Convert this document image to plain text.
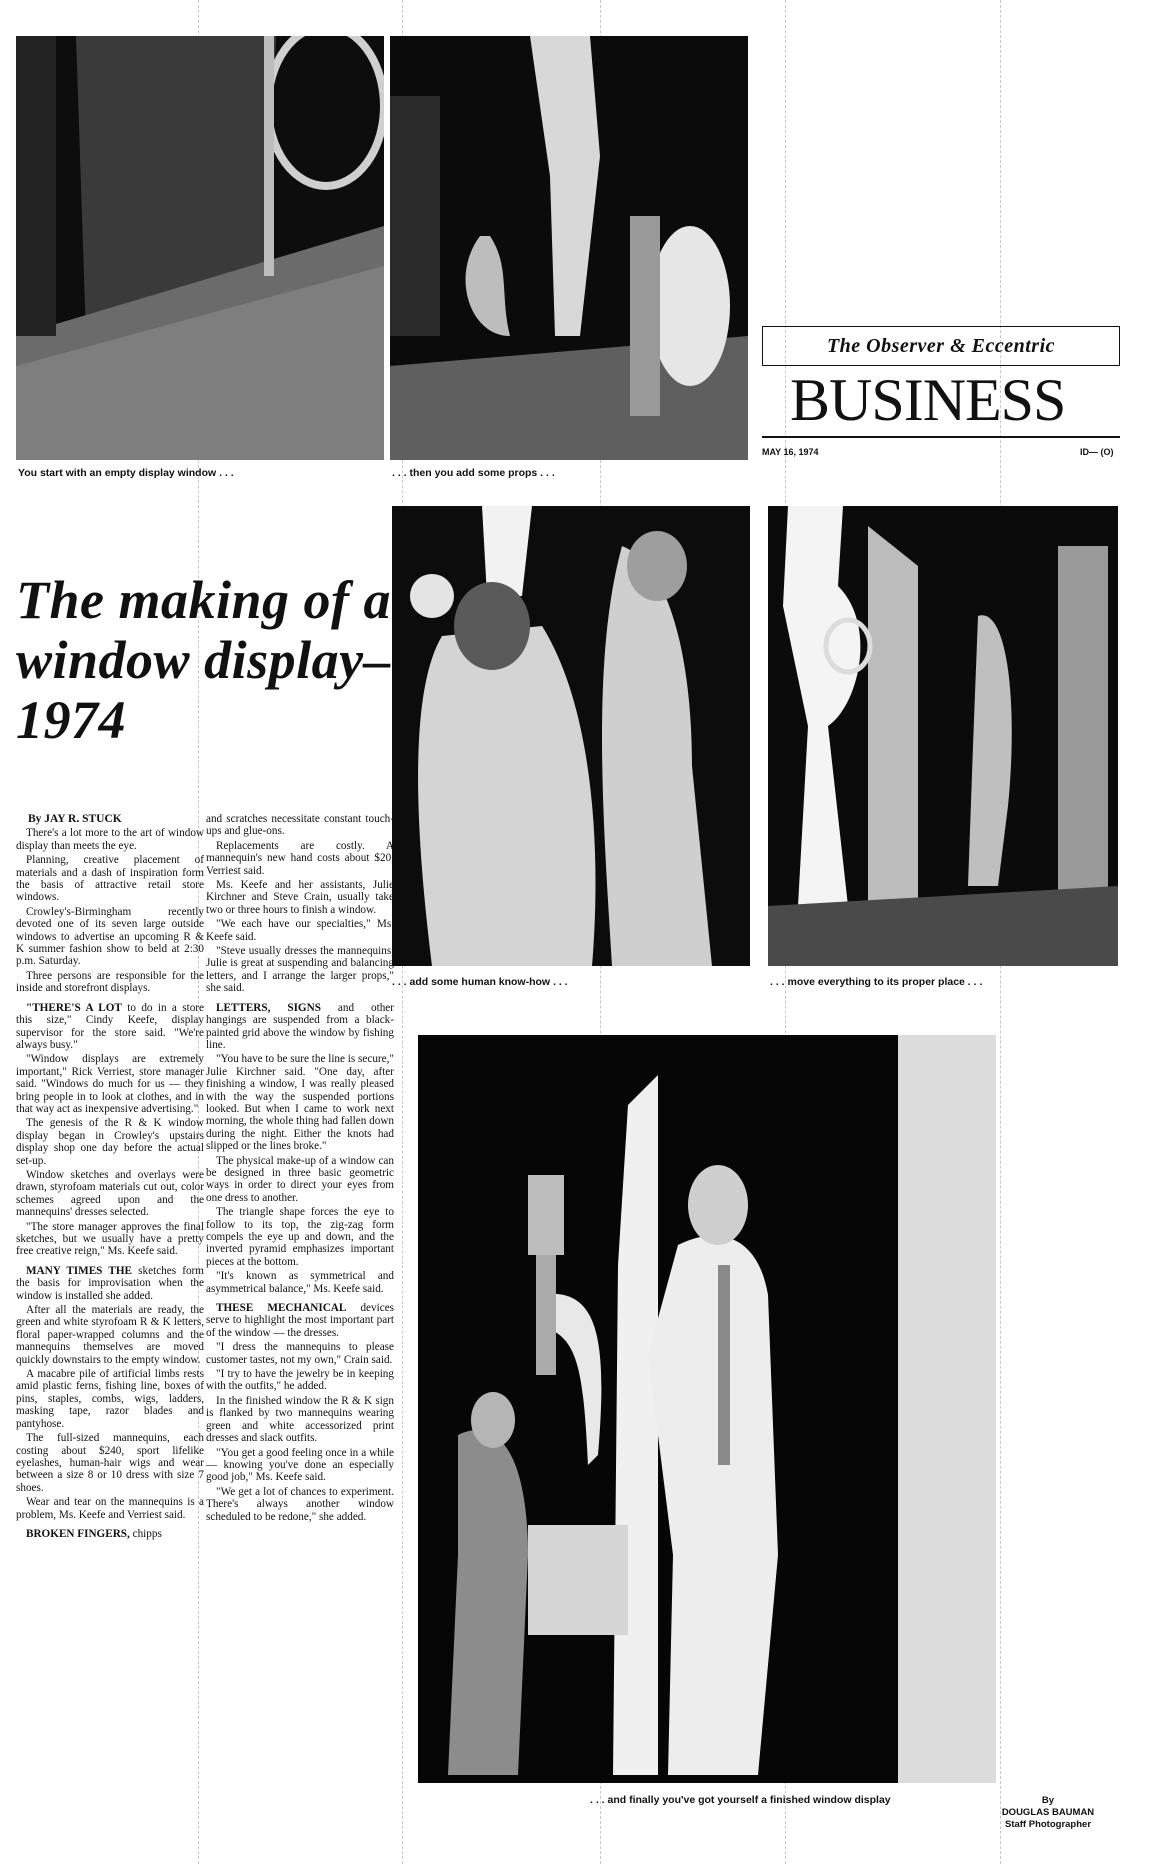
You start with an empty display window . . .	. . . then you add some props . . .
The Observer & Eccentric
BUSINESS
MAY 16, 1974	ID— (O)
. . . add some human know-how . . .	. . . move everything to its proper place . . .
The making of a window display–1974

By JAY R. STUCK

There's a lot more to the art of window display than meets the eye.

Planning, creative placement of materials and a dash of inspiration form the basis of attractive retail store windows.

Crowley's-Birmingham recently devoted one of its seven large outside windows to advertise an upcoming R & K summer fashion show to beld at 2:30 p.m. Saturday.

Three persons are responsible for the inside and storefront displays.

"THERE'S A LOT to do in a store this size," Cindy Keefe, display supervisor for the store said. "We're always busy."

"Window displays are extremely important," Rick Verriest, store manager said. "Windows do much for us — they bring people in to look at clothes, and in that way act as inexpensive advertising."

The genesis of the R & K window display began in Crowley's upstairs display shop one day before the actual set-up.

Window sketches and overlays were drawn, styrofoam materials cut out, color schemes agreed upon and the mannequins' dresses selected.

"The store manager approves the final sketches, but we usually have a pretty free creative reign," Ms. Keefe said.

MANY TIMES THE sketches form the basis for improvisation when the window is installed she added.

After all the materials are ready, the green and white styrofoam R & K letters, floral paper-wrapped columns and the mannequins themselves are moved quickly downstairs to the empty window.

A macabre pile of artificial limbs rests amid plastic ferns, fishing line, boxes of pins, staples, combs, wigs, ladders, masking tape, razor blades and pantyhose.

The full-sized mannequins, each costing about $240, sport lifelike eyelashes, human-hair wigs and wear between a size 8 or 10 dress with size 7 shoes.

Wear and tear on the mannequins is a problem, Ms. Keefe and Verriest said.

BROKEN FINGERS, chipps

and scratches necessitate constant touch-ups and glue-ons.

Replacements are costly. A mannequin's new hand costs about $20, Verriest said.

Ms. Keefe and her assistants, Julie Kirchner and Steve Crain, usually take two or three hours to finish a window.

"We each have our specialties," Ms. Keefe said.

"Steve usually dresses the mannequins, Julie is great at suspending and balancing letters, and I arrange the larger props," she said.

LETTERS, SIGNS and other hangings are suspended from a black-painted grid above the window by fishing line.

"You have to be sure the line is secure," Julie Kirchner said. "One day, after finishing a window, I was really pleased with the way the suspended portions looked. But when I came to work next morning, the whole thing had fallen down during the night. Either the knots had slipped or the lines broke."

The physical make-up of a window can be designed in three basic geometric ways in order to direct your eyes from one dress to another.

The triangle shape forces the eye to follow to its top, the zig-zag form compels the eye up and down, and the inverted pyramid emphasizes important pieces at the bottom.

"It's known as symmetrical and asymmetrical balance," Ms. Keefe said.

THESE MECHANICAL devices serve to highlight the most important part of the window — the dresses.

"I dress the mannequins to please customer tastes, not my own," Crain said.

"I try to have the jewelry be in keeping with the outfits," he added.

In the finished window the R & K sign is flanked by two mannequins wearing green and white accessorized print dresses and slack outfits.

"You get a good feeling once in a while — knowing you've done an especially good job," Ms. Keefe said.

"We get a lot of chances to experiment. There's always another window scheduled to be redone," she added.

. . . and finally you've got yourself a finished window display	By
DOUGLAS BAUMAN
Staff Photographer
